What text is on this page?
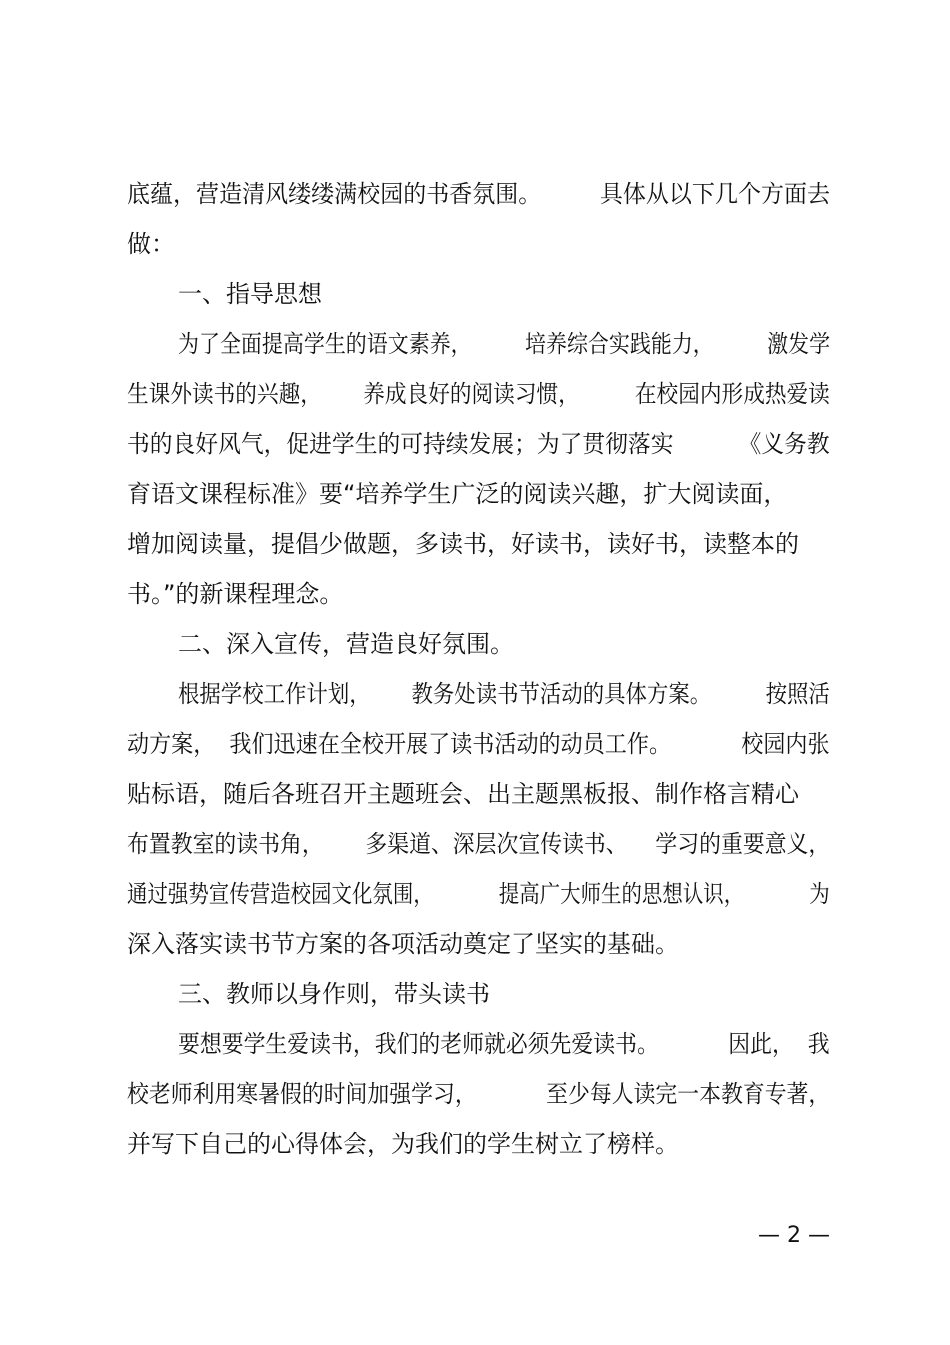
底蕴，营造清风缕缕满校园的书香氛围。        具体从以下几个方面去
做：
一、指导思想
为了全面提高学生的语文素养，        培养综合实践能力，        激发学
生课外读书的兴趣，      养成良好的阅读习惯，        在校园内形成热爱读
书的良好风气，促进学生的可持续发展；为了贯彻落实         《义务教
育语文课程标准》要“培养学生广泛的阅读兴趣，扩大阅读面，
增加阅读量，提倡少做题，多读书，好读书，读好书，读整本的
书。”的新课程理念。
二、深入宣传，营造良好氛围。
根据学校工作计划，      教务处读书节活动的具体方案。        按照活
动方案，  我们迅速在全校开展了读书活动的动员工作。          校园内张
贴标语，随后各班召开主题班会、出主题黑板报、制作格言精心
布置教室的读书角，      多渠道、深层次宣传读书、    学习的重要意义，
通过强势宣传营造校园文化氛围，          提高广大师生的思想认识，          为
深入落实读书节方案的各项活动奠定了坚实的基础。
三、教师以身作则，带头读书
要想要学生爱读书，我们的老师就必须先爱读书。          因此，  我
校老师利用寒暑假的时间加强学习，          至少每人读完一本教育专著，
并写下自己的心得体会，为我们的学生树立了榜样。
— 2 —
